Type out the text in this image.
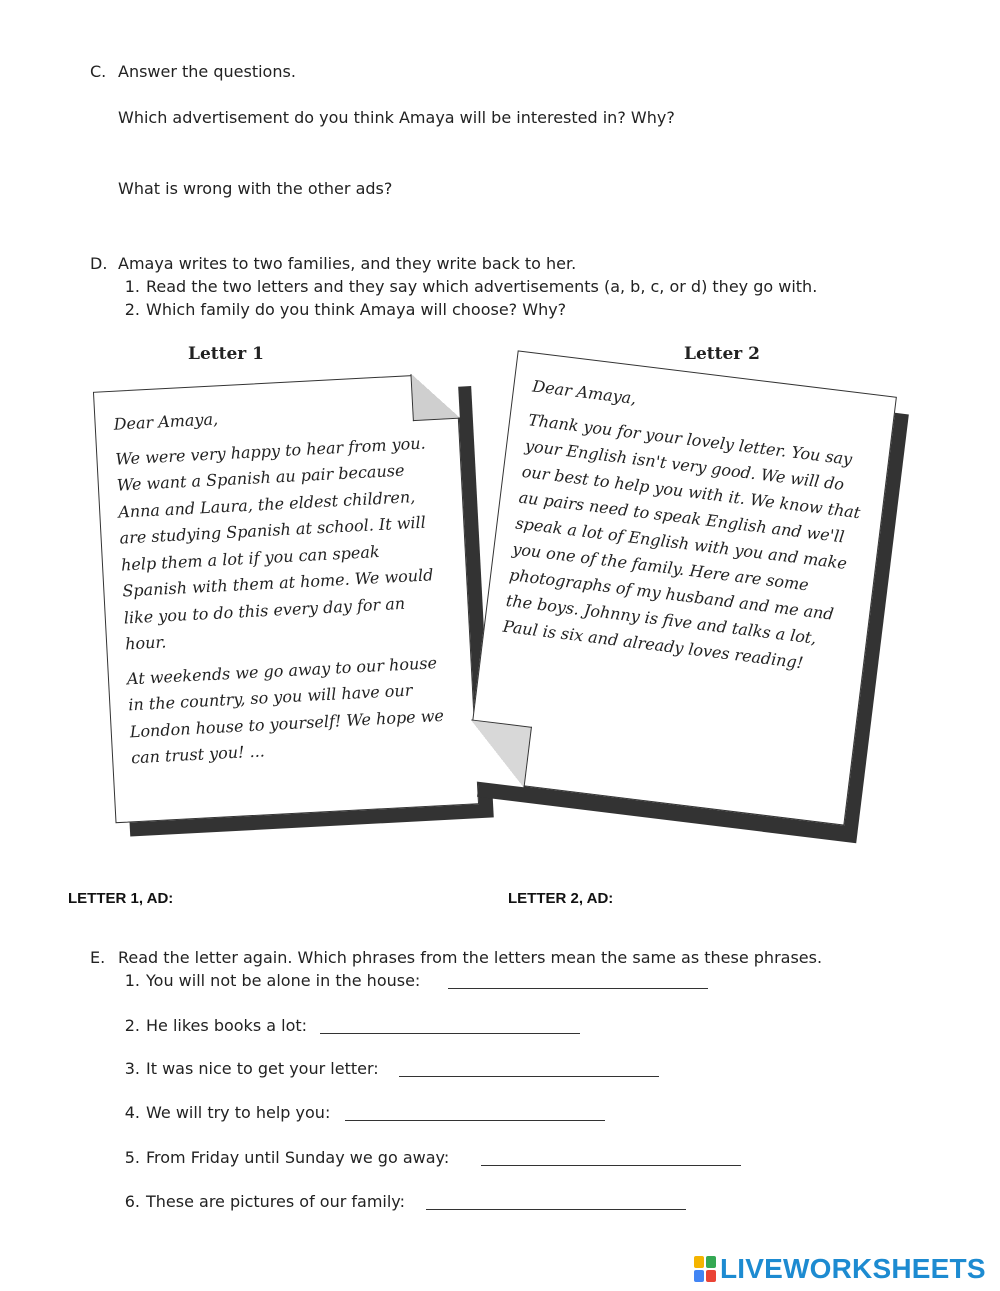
C. Answer the questions.
Which advertisement do you think Amaya will be interested in? Why?
What is wrong with the other ads?
D. Amaya writes to two families, and they write back to her.
1. Read the two letters and they say which advertisements (a, b, c, or d) they go with.
2. Which family do you think Amaya will choose? Why?
Letter 1	Letter 2

Dear Amaya,

We were very happy to hear from you. We want a Spanish au pair because Anna and Laura, the eldest children, are studying Spanish at school. It will help them a lot if you can speak Spanish with them at home. We would like you to do this every day for an hour.

At weekends we go away to our house in the country, so you will have our London house to yourself! We hope we can trust you! ...

Dear Amaya,

Thank you for your lovely letter. You say your English isn't very good. We will do our best to help you with it. We know that au pairs need to speak English and we'll speak a lot of English with you and make you one of the family. Here are some photographs of my husband and me and the boys. Johnny is five and talks a lot, Paul is six and already loves reading!

LETTER 1, AD:	LETTER 2, AD:
E. Read the letter again. Which phrases from the letters mean the same as these phrases.
1. You will not be alone in the house:
2. He likes books a lot:
3. It was nice to get your letter:
4. We will try to help you:
5. From Friday until Sunday we go away:
6. These are pictures of our family:
LIVEWORKSHEETS
